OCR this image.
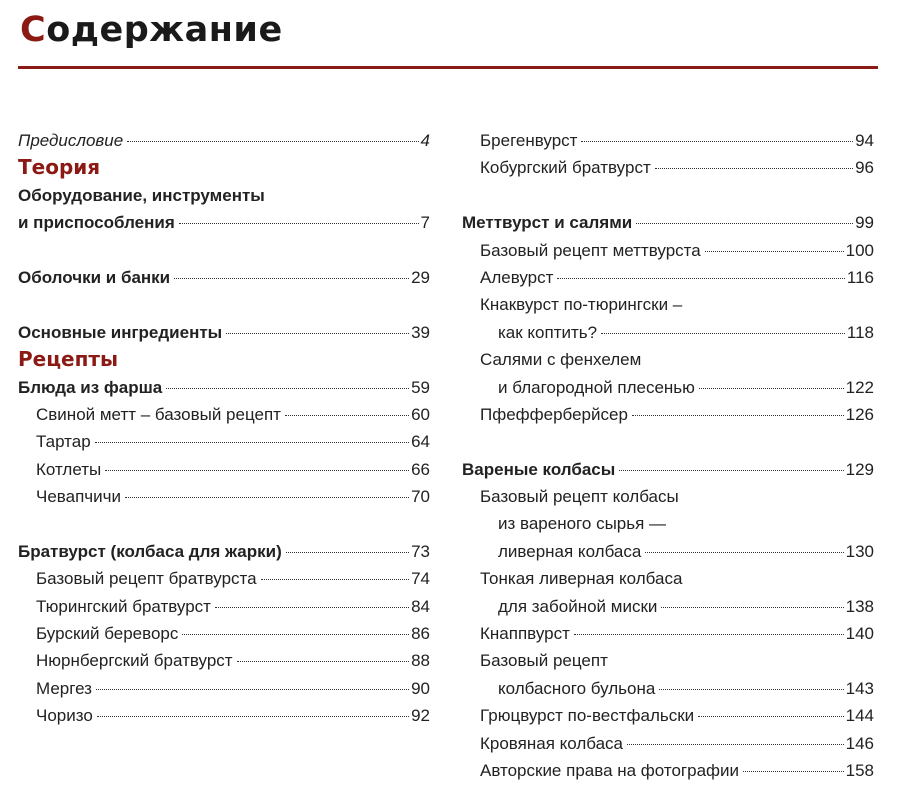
Содержание
Предисловие	4
Теория
Оборудование, инструменты
и приспособления	7
Оболочки и банки	29
Основные ингредиенты	39
Рецепты
Блюда из фарша	59
Свиной метт – базовый рецепт	60
Тартар	64
Котлеты	66
Чевапчичи	70
Братвурст (колбаса для жарки)	73
Базовый рецепт братвурста	74
Тюрингский братвурст	84
Бурский береворс	86
Нюрнбергский братвурст	88
Мергез	90
Чоризо	92
Брегенвурст	94
Кобургский братвурст	96
Меттвурст и салями	99
Базовый рецепт меттвурста	100
Алевурст	116
Кнаквурст по-тюрингски –
как коптить?	118
Салями с фенхелем
и благородной плесенью	122
Пфефферберйсер	126
Вареные колбасы	129
Базовый рецепт колбасы
из вареного сырья —
ливерная колбаса	130
Тонкая ливерная колбаса
для забойной миски	138
Кнаппвурст	140
Базовый рецепт
колбасного бульона	143
Грюцвурст по-вестфальски	144
Кровяная колбаса	146
Авторские права на фотографии	158
